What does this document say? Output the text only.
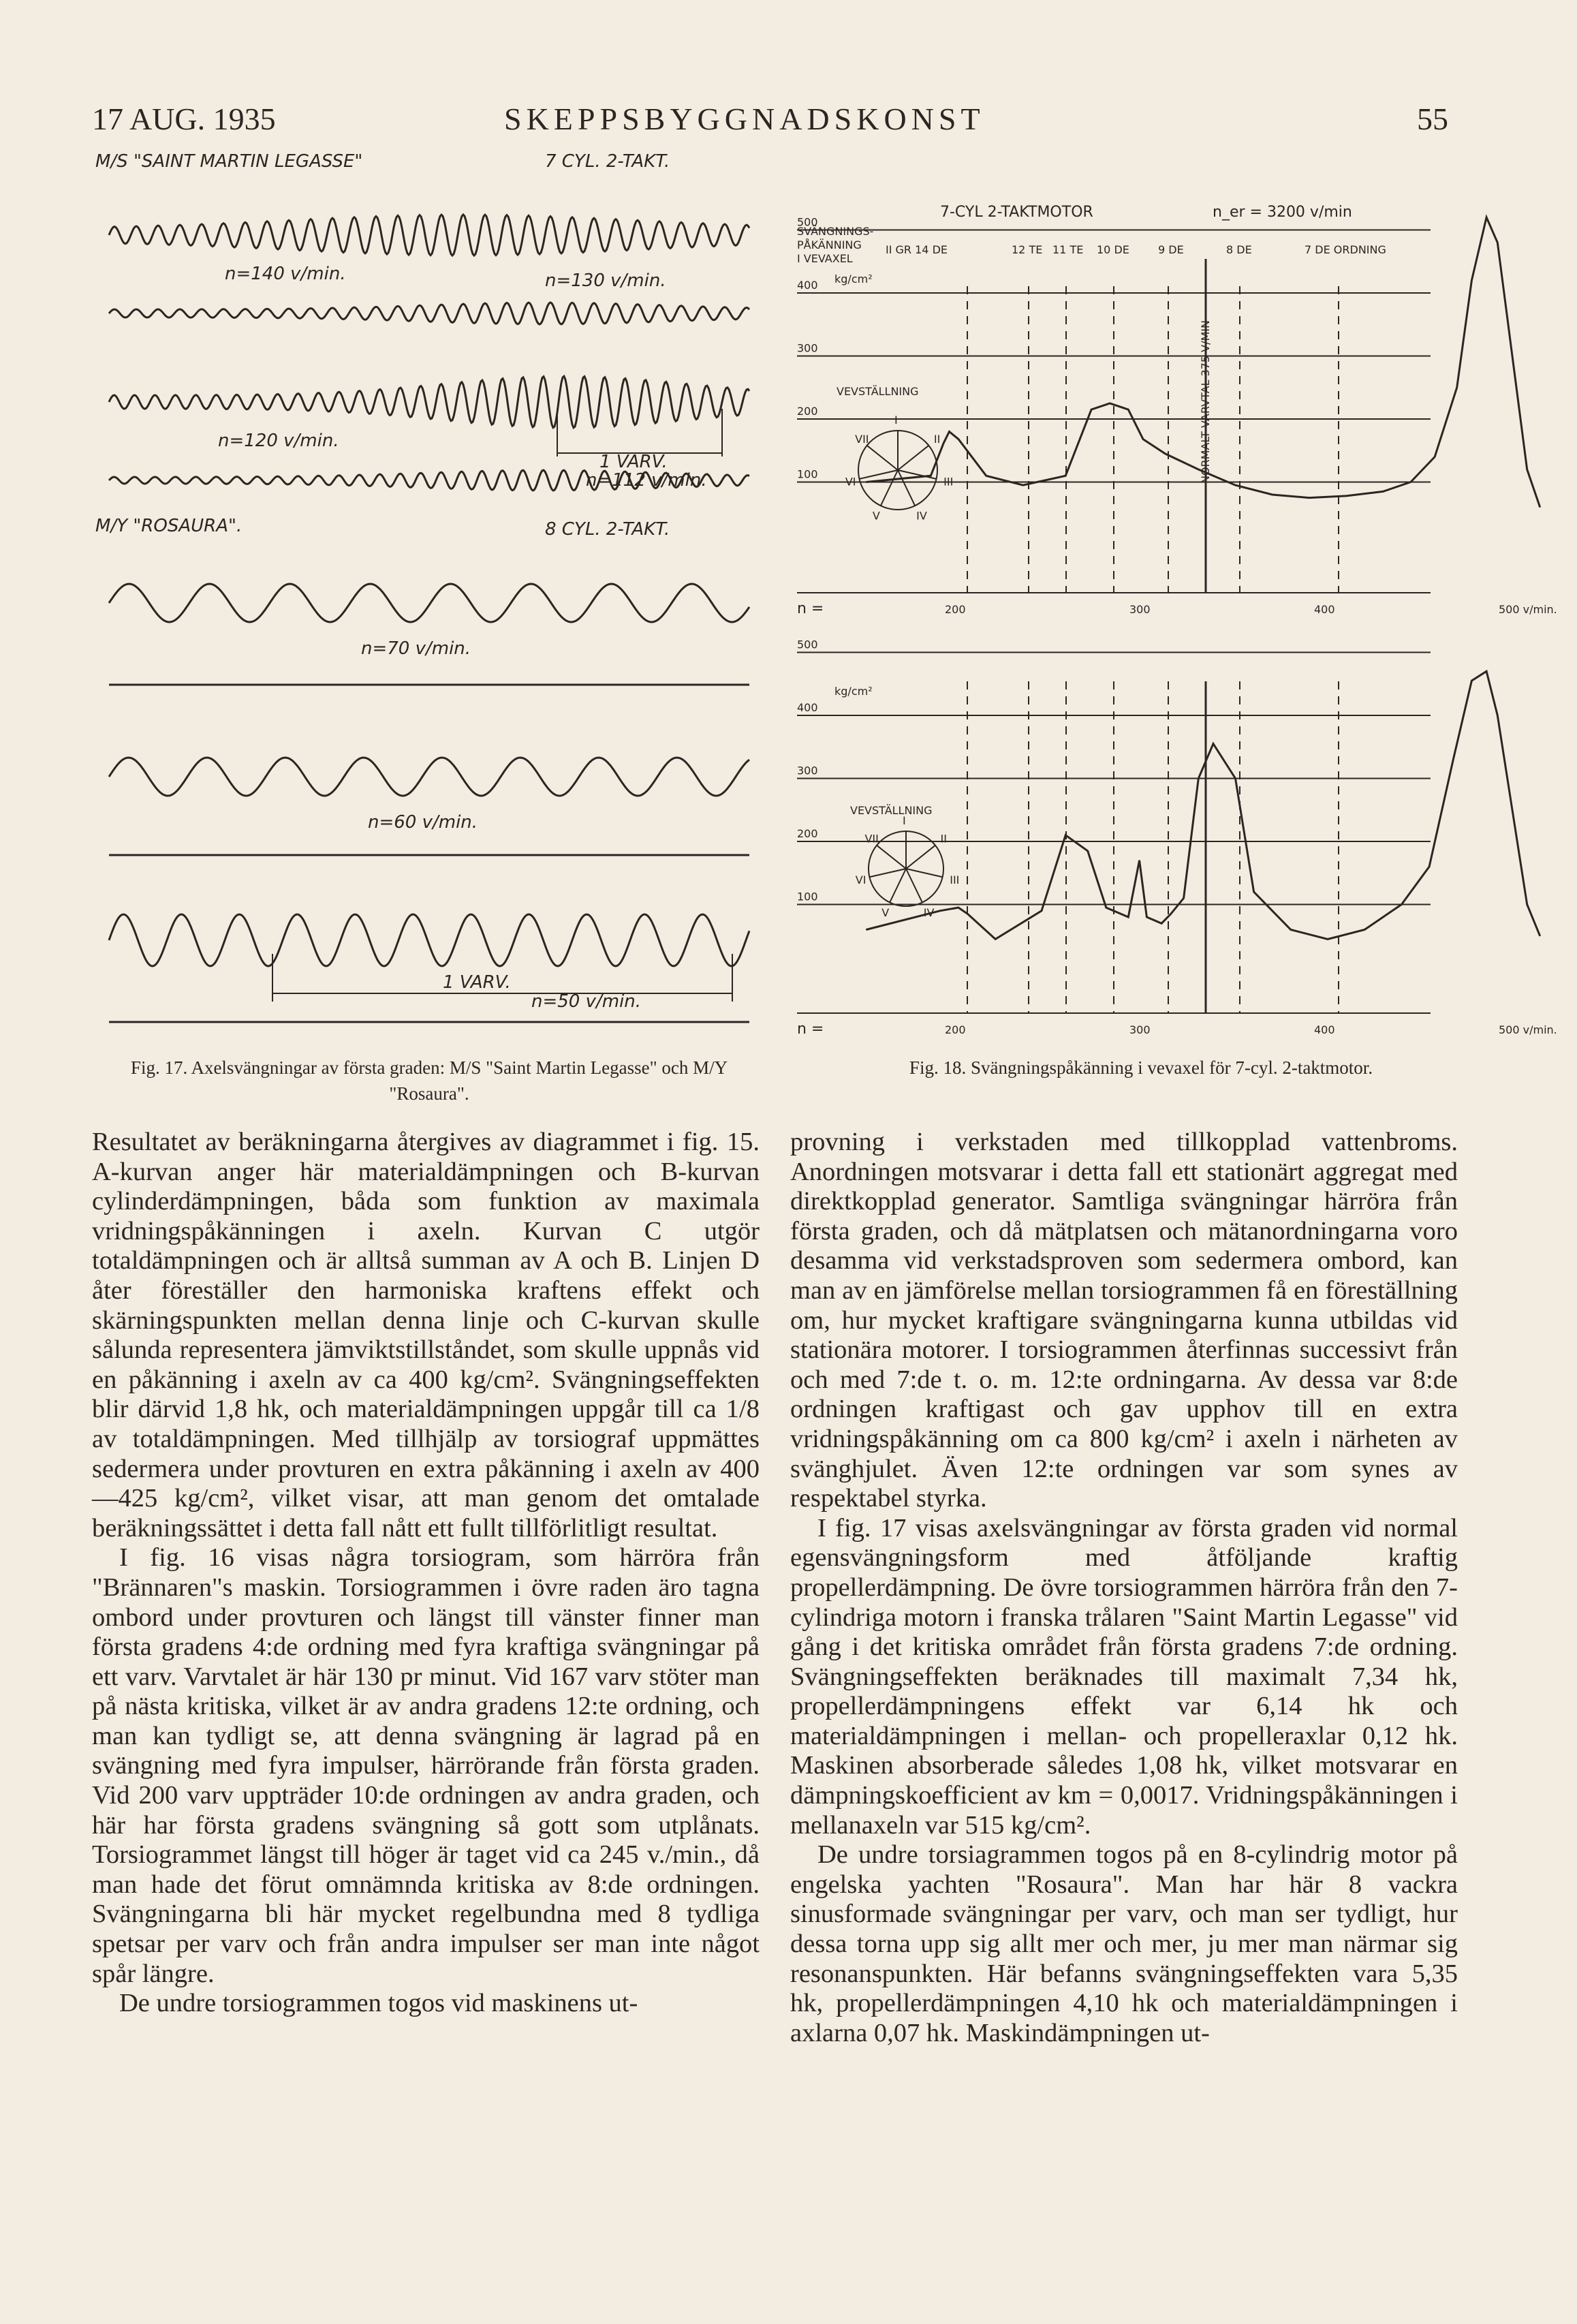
17 AUG. 1935	SKEPPSBYGGNADSKONST	55
M/S "SAINT MARTIN LEGASSE"	7 CYL. 2-TAKT.
n=140 v/min.	n=130 v/min.
n=120 v/min.
1 VARV.
n=112 v/min.
M/Y "ROSAURA".	8 CYL. 2-TAKT.
n=70 v/min.
n=60 v/min.
1 VARV.
n=50 v/min.
Fig. 17. Axelsvängningar av första graden: M/S "Saint Martin Legasse" och M/Y "Rosaura".
7-CYL 2-TAKTMOTOR	n_er = 3200 v/min
SVÄNGNINGS-
PÅKÄNNING
I VEVAXEL
kg/cm²
kg/cm²
II GR 14 DE	12 TE 11 TE 10 DE	9 DE	8 DE	7 DE ORDNING
500
400
300
200
100
500
400
300
200
100
n =	200	300	400	500 v/min.
n =	200	300	400	500 v/min.
NORMALT VARVTAL 375 V/MIN
VEVSTÄLLNING
I
II
III
IV
V
VI
VII
VEVSTÄLLNING
I
II
III
IV
V
VI
VII
Fig. 18. Svängningspåkänning i vevaxel för 7-cyl. 2-taktmotor.

Resultatet av beräkningarna återgives av diagrammet i fig. 15. A-kurvan anger här materialdämpningen och B-kurvan cylinderdämpningen, båda som funktion av maximala vridningspåkänningen i axeln. Kurvan C utgör totaldämpningen och är alltså summan av A och B. Linjen D åter föreställer den harmoniska kraftens effekt och skärningspunkten mellan denna linje och C-kurvan skulle sålunda representera jämviktstillståndet, som skulle uppnås vid en påkänning i axeln av ca 400 kg/cm². Svängningseffekten blir därvid 1,8 hk, och materialdämpningen uppgår till ca 1/8 av totaldämpningen. Med tillhjälp av torsiograf uppmättes sedermera under provturen en extra påkänning i axeln av 400—425 kg/cm², vilket visar, att man genom det omtalade beräkningssättet i detta fall nått ett fullt tillförlitligt resultat.

I fig. 16 visas några torsiogram, som härröra från "Brännaren"s maskin. Torsiogrammen i övre raden äro tagna ombord under provturen och längst till vänster finner man första gradens 4:de ordning med fyra kraftiga svängningar på ett varv. Varvtalet är här 130 pr minut. Vid 167 varv stöter man på nästa kritiska, vilket är av andra gradens 12:te ordning, och man kan tydligt se, att denna svängning är lagrad på en svängning med fyra impulser, härrörande från första graden. Vid 200 varv uppträder 10:de ordningen av andra graden, och här har första gradens svängning så gott som utplånats. Torsiogrammet längst till höger är taget vid ca 245 v./min., då man hade det förut omnämnda kritiska av 8:de ordningen. Svängningarna bli här mycket regelbundna med 8 tydliga spetsar per varv och från andra impulser ser man inte något spår längre.

De undre torsiogrammen togos vid maskinens ut-

provning i verkstaden med tillkopplad vattenbroms. Anordningen motsvarar i detta fall ett stationärt aggregat med direktkopplad generator. Samtliga svängningar härröra från första graden, och då mätplatsen och mätanordningarna voro desamma vid verkstadsproven som sedermera ombord, kan man av en jämförelse mellan torsiogrammen få en föreställning om, hur mycket kraftigare svängningarna kunna utbildas vid stationära motorer. I torsiogrammen återfinnas successivt från och med 7:de t. o. m. 12:te ordningarna. Av dessa var 8:de ordningen kraftigast och gav upphov till en extra vridningspåkänning om ca 800 kg/cm² i axeln i närheten av svänghjulet. Även 12:te ordningen var som synes av respektabel styrka.

I fig. 17 visas axelsvängningar av första graden vid normal egensvängningsform med åtföljande kraftig propellerdämpning. De övre torsiogrammen härröra från den 7-cylindriga motorn i franska trålaren "Saint Martin Legasse" vid gång i det kritiska området från första gradens 7:de ordning. Svängningseffekten beräknades till maximalt 7,34 hk, propellerdämpningens effekt var 6,14 hk och materialdämpningen i mellan- och propelleraxlar 0,12 hk. Maskinen absorberade således 1,08 hk, vilket motsvarar en dämpningskoefficient av km = 0,0017. Vridningspåkänningen i mellanaxeln var 515 kg/cm².

De undre torsiagrammen togos på en 8-cylindrig motor på engelska yachten "Rosaura". Man har här 8 vackra sinusformade svängningar per varv, och man ser tydligt, hur dessa torna upp sig allt mer och mer, ju mer man närmar sig resonanspunkten. Här befanns svängningseffekten vara 5,35 hk, propellerdämpningen 4,10 hk och materialdämpningen i axlarna 0,07 hk. Maskindämpningen ut-
